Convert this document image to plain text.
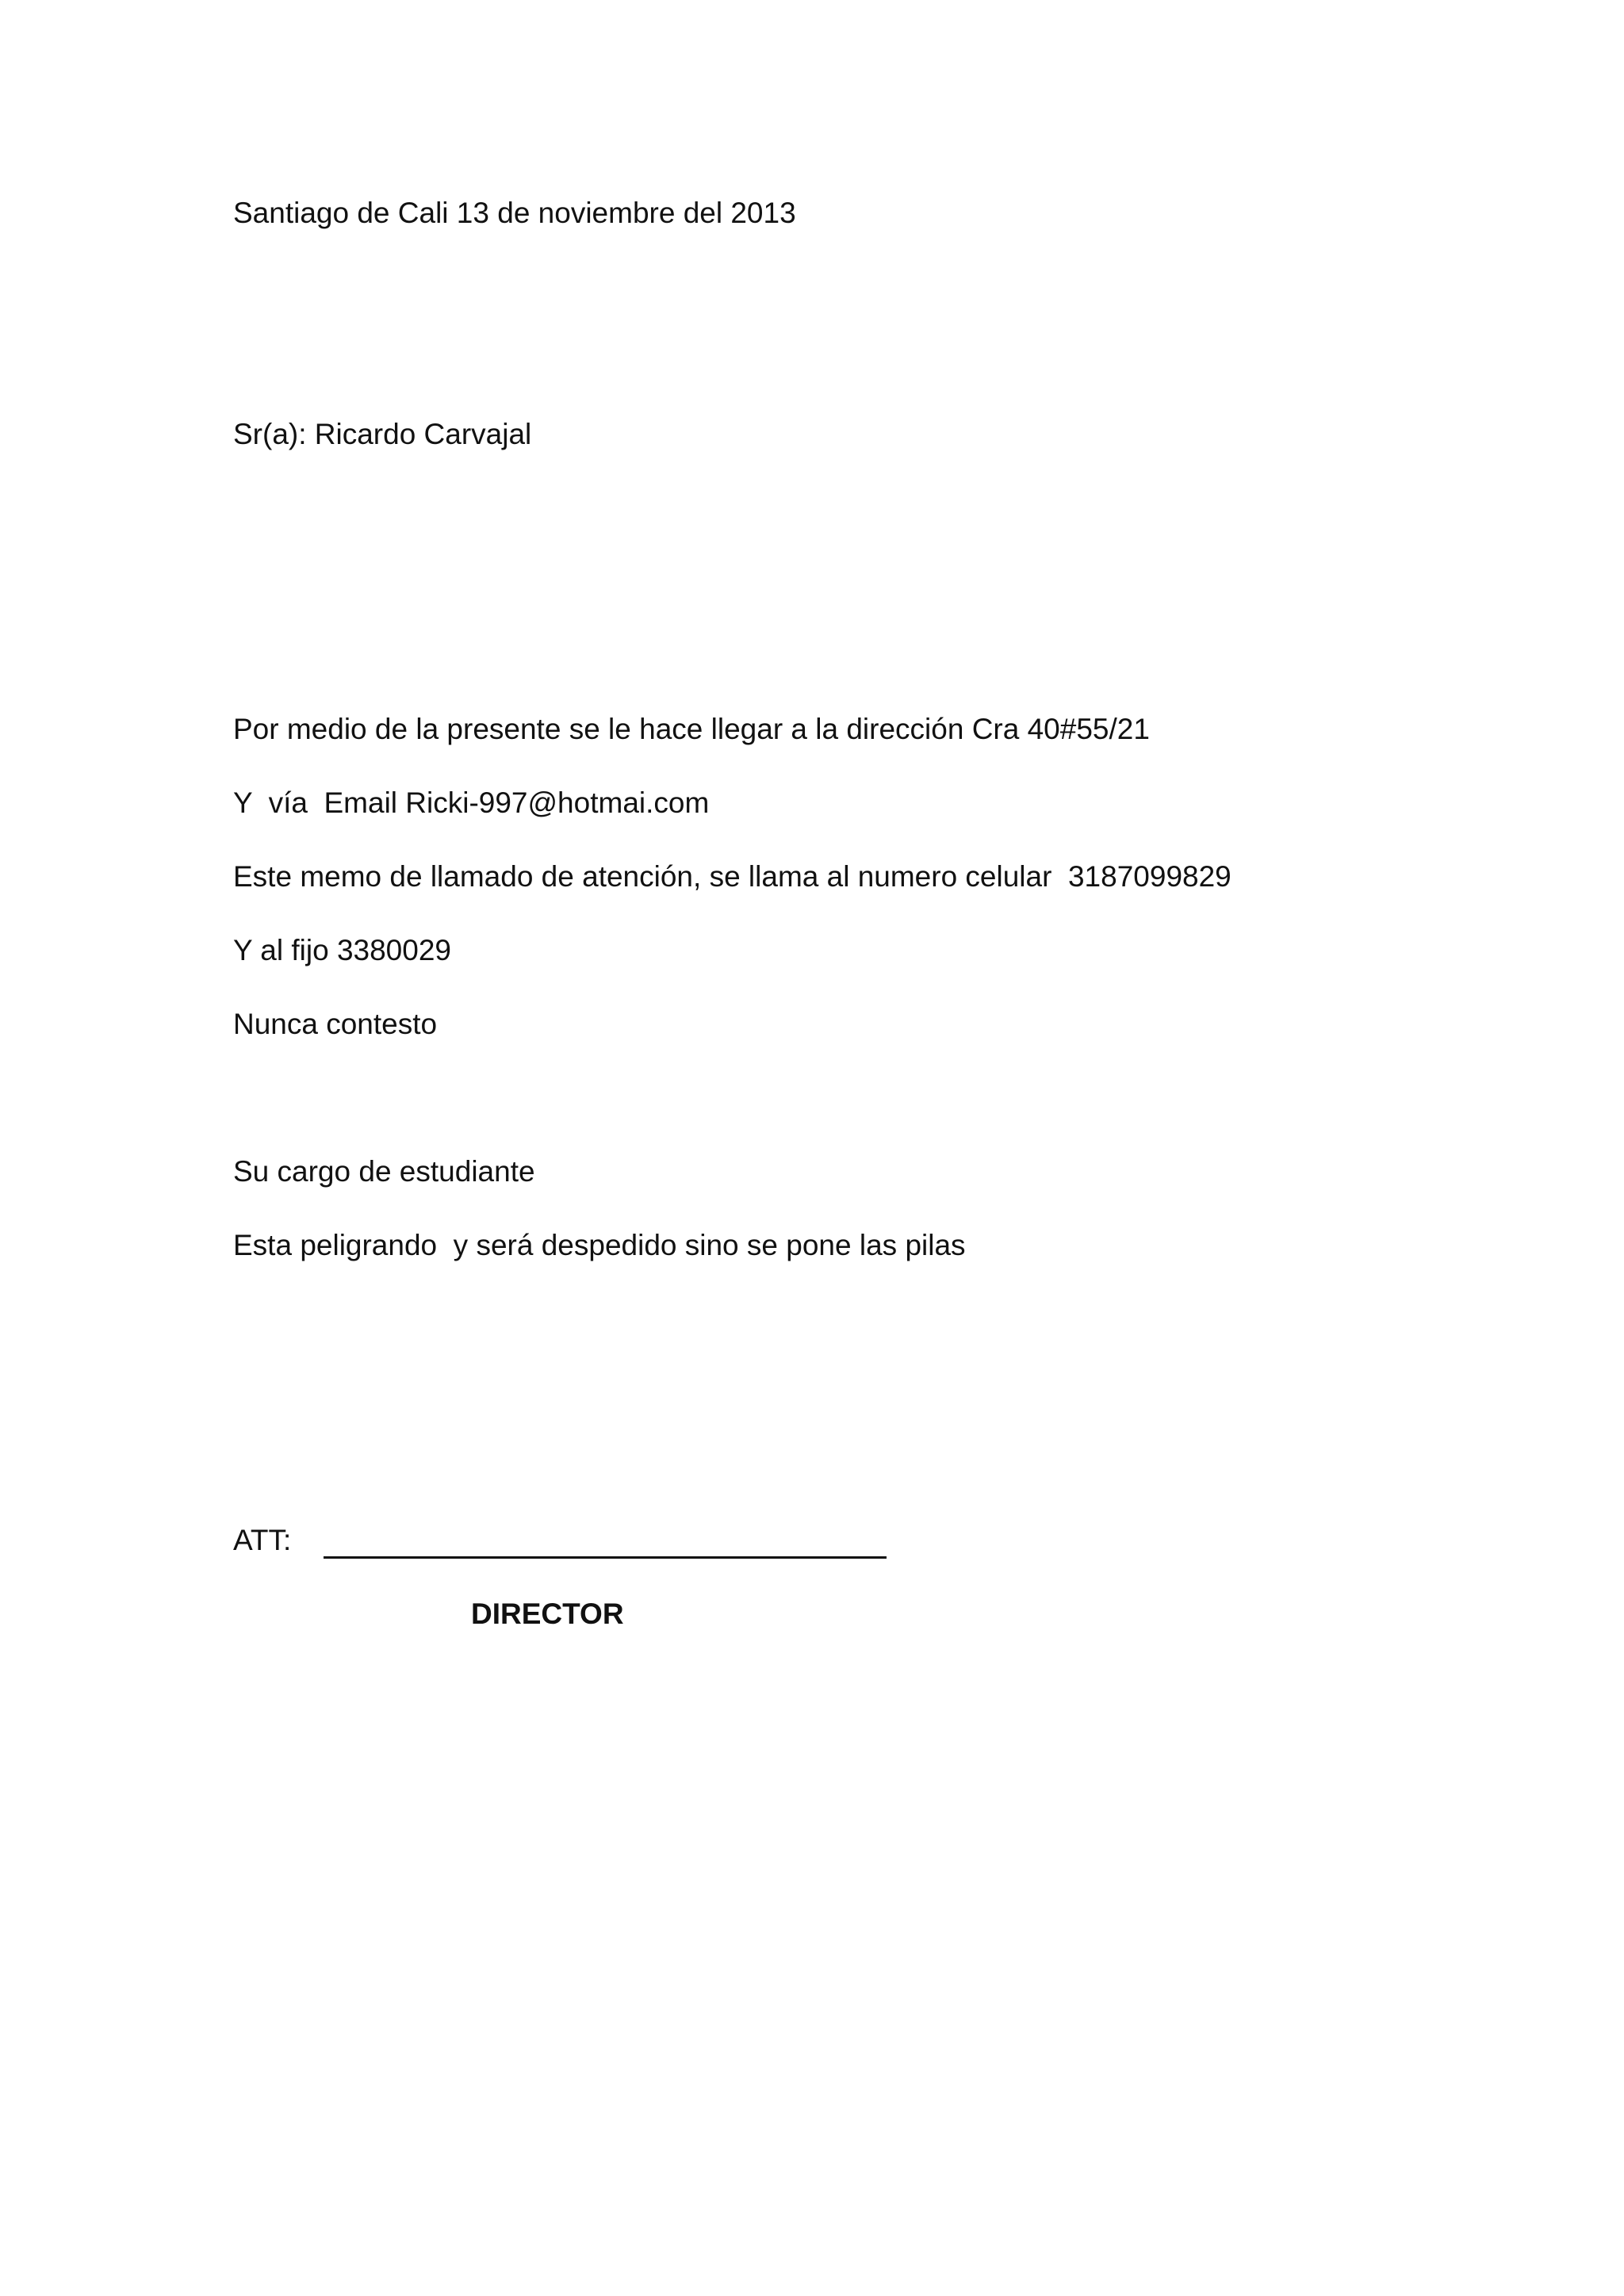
Santiago de Cali 13 de noviembre del 2013
Sr(a): Ricardo Carvajal
Por medio de la presente se le hace llegar a la dirección Cra 40#55/21
Y  vía  Email Ricki-997@hotmai.com
Este memo de llamado de atención, se llama al numero celular  3187099829
Y al fijo 3380029
Nunca contesto
Su cargo de estudiante
Esta peligrando  y será despedido sino se pone las pilas
ATT:
DIRECTOR
